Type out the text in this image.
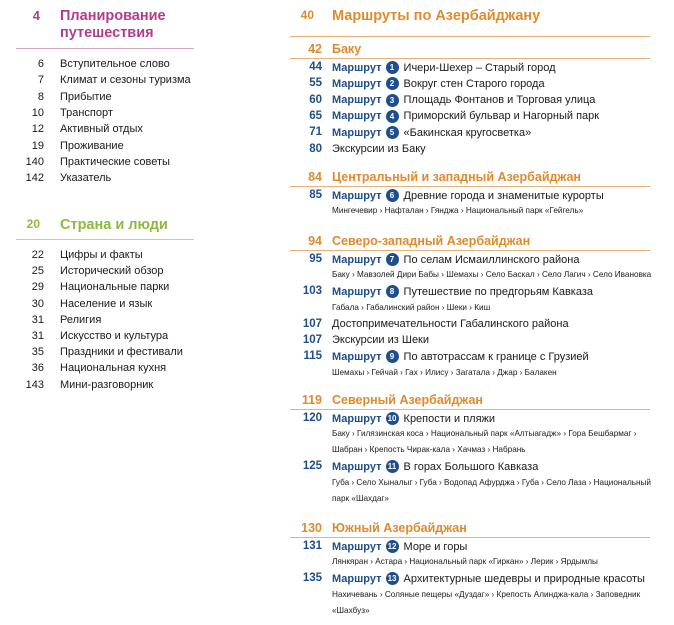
4 Планирование
путешествия
6 Вступительное слово
7 Климат и сезоны туризма
8 Прибытие
10 Транспорт
12 Активный отдых
19 Проживание
140 Практические советы
142 Указатель
20 Страна и люди
22 Цифры и факты
25 Исторический обзор
29 Национальные парки
30 Население и язык
31 Религия
31 Искусство и культура
35 Праздники и фестивали
36 Национальная кухня
143 Мини-разговорник
40 Маршруты по Азербайджану
42 Баку
44 Маршрут	1 Ичери-Шехер – Старый город
55 Маршрут	2 Вокруг стен Старого города
60 Маршрут	3 Площадь Фонтанов и Торговая улица
65 Маршрут	4 Приморский бульвар и Нагорный парк
71 Маршрут	5 «Бакинская кругосветка»
80 Экскурсии из Баку
84 Центральный и западный Азербайджан
85 Маршрут	6 Древние города и знаменитые курорты
Мингечевир › Нафталан › Гянджа › Национальный парк «Гейгель»
94 Северо-западный Азербайджан
95 Маршрут	7 По селам Исмаиллинского района
Баку › Мавзолей Дири Бабы › Шемахы › Село Баскал › Село Лагич › Село Ивановка
103 Маршрут	8 Путешествие по предгорьям Кавказа
Габала › Габалинский район › Шеки › Киш
107 Достопримечательности Габалинского района
107 Экскурсии из Шеки
115 Маршрут	9 По автотрассам к границе с Грузией
Шемахы › Гейчай › Гах › Илису › Загатала › Джар › Балакен
119 Северный Азербайджан
120 Маршрут 10 Крепости и пляжи
Баку › Гилязинская коса › Национальный парк «Алтыагадж» › Гора Бешбармаг ›
Шабран › Крепость Чирак-кала › Хачмаз › Набрань
125 Маршрут 11 В горах Большого Кавказа
Губа › Село Хыналыг › Губа › Водопад Афурджа › Губа › Село Лаза › Национальный
парк «Шахдаг»
130 Южный Азербайджан
131 Маршрут 12 Море и горы
Лянкяран › Астара › Национальный парк «Гиркан» › Лерик › Ярдымлы
135 Маршрут 13 Архитектурные шедевры и природные красоты
Нахичевань › Соляные пещеры «Дуздаг» › Крепость Алинджа-кала › Заповедник
«Шахбуз»
